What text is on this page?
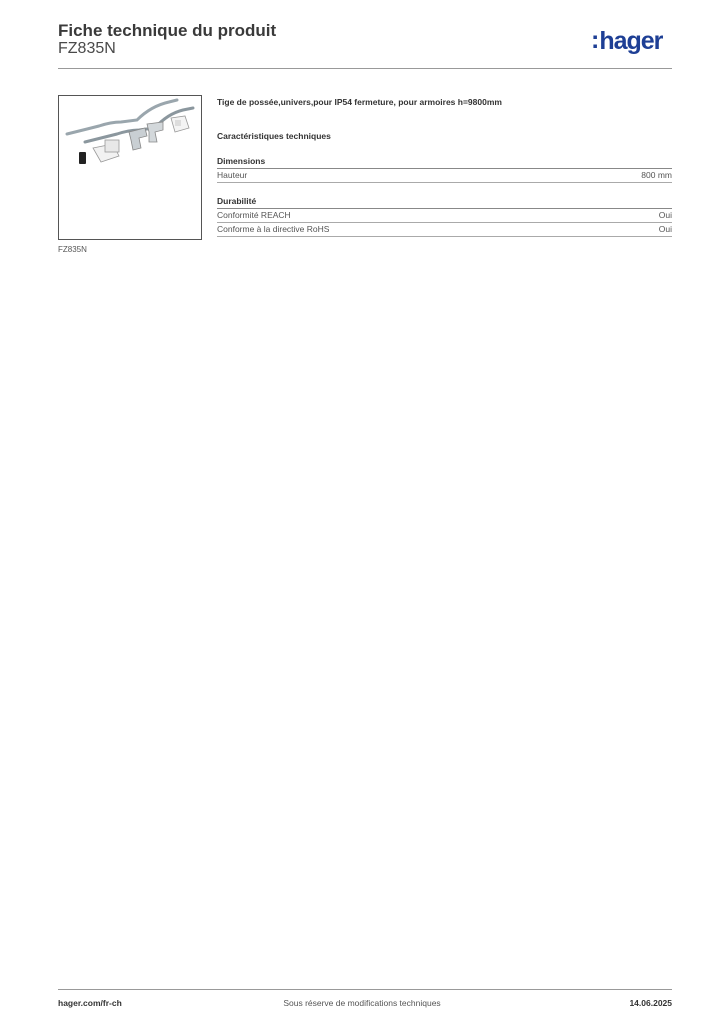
Fiche technique du produit
FZ835N	:hager
FZ835N
Tige de possée,univers,pour IP54 fermeture, pour armoires h=9800mm
Caractéristiques techniques
Dimensions
Hauteur	800 mm
Durabilité
Conformité REACH	Oui
Conforme à la directive RoHS	Oui
hager.com/fr-ch	Sous réserve de modifications techniques	14.06.2025
